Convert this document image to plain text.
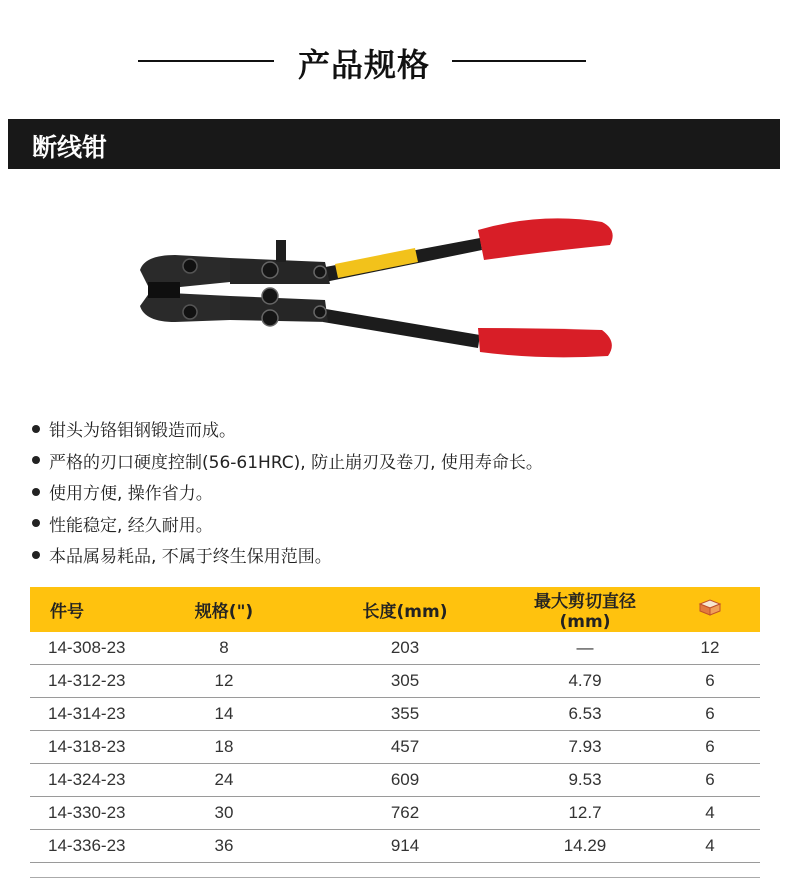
产品规格
断线钳
钳头为铬钼钢锻造而成。
严格的刃口硬度控制(56-61HRC), 防止崩刃及卷刀, 使用寿命长。
使用方便, 操作省力。
性能稳定, 经久耐用。
本品属易耗品, 不属于终生保用范围。
件号	规格(")	长度(mm)	最大剪切直径(mm)	
14-308-23	8	203	—	12
14-312-23	12	305	4.79	6
14-314-23	14	355	6.53	6
14-318-23	18	457	7.93	6
14-324-23	24	609	9.53	6
14-330-23	30	762	12.7	4
14-336-23	36	914	14.29	4
